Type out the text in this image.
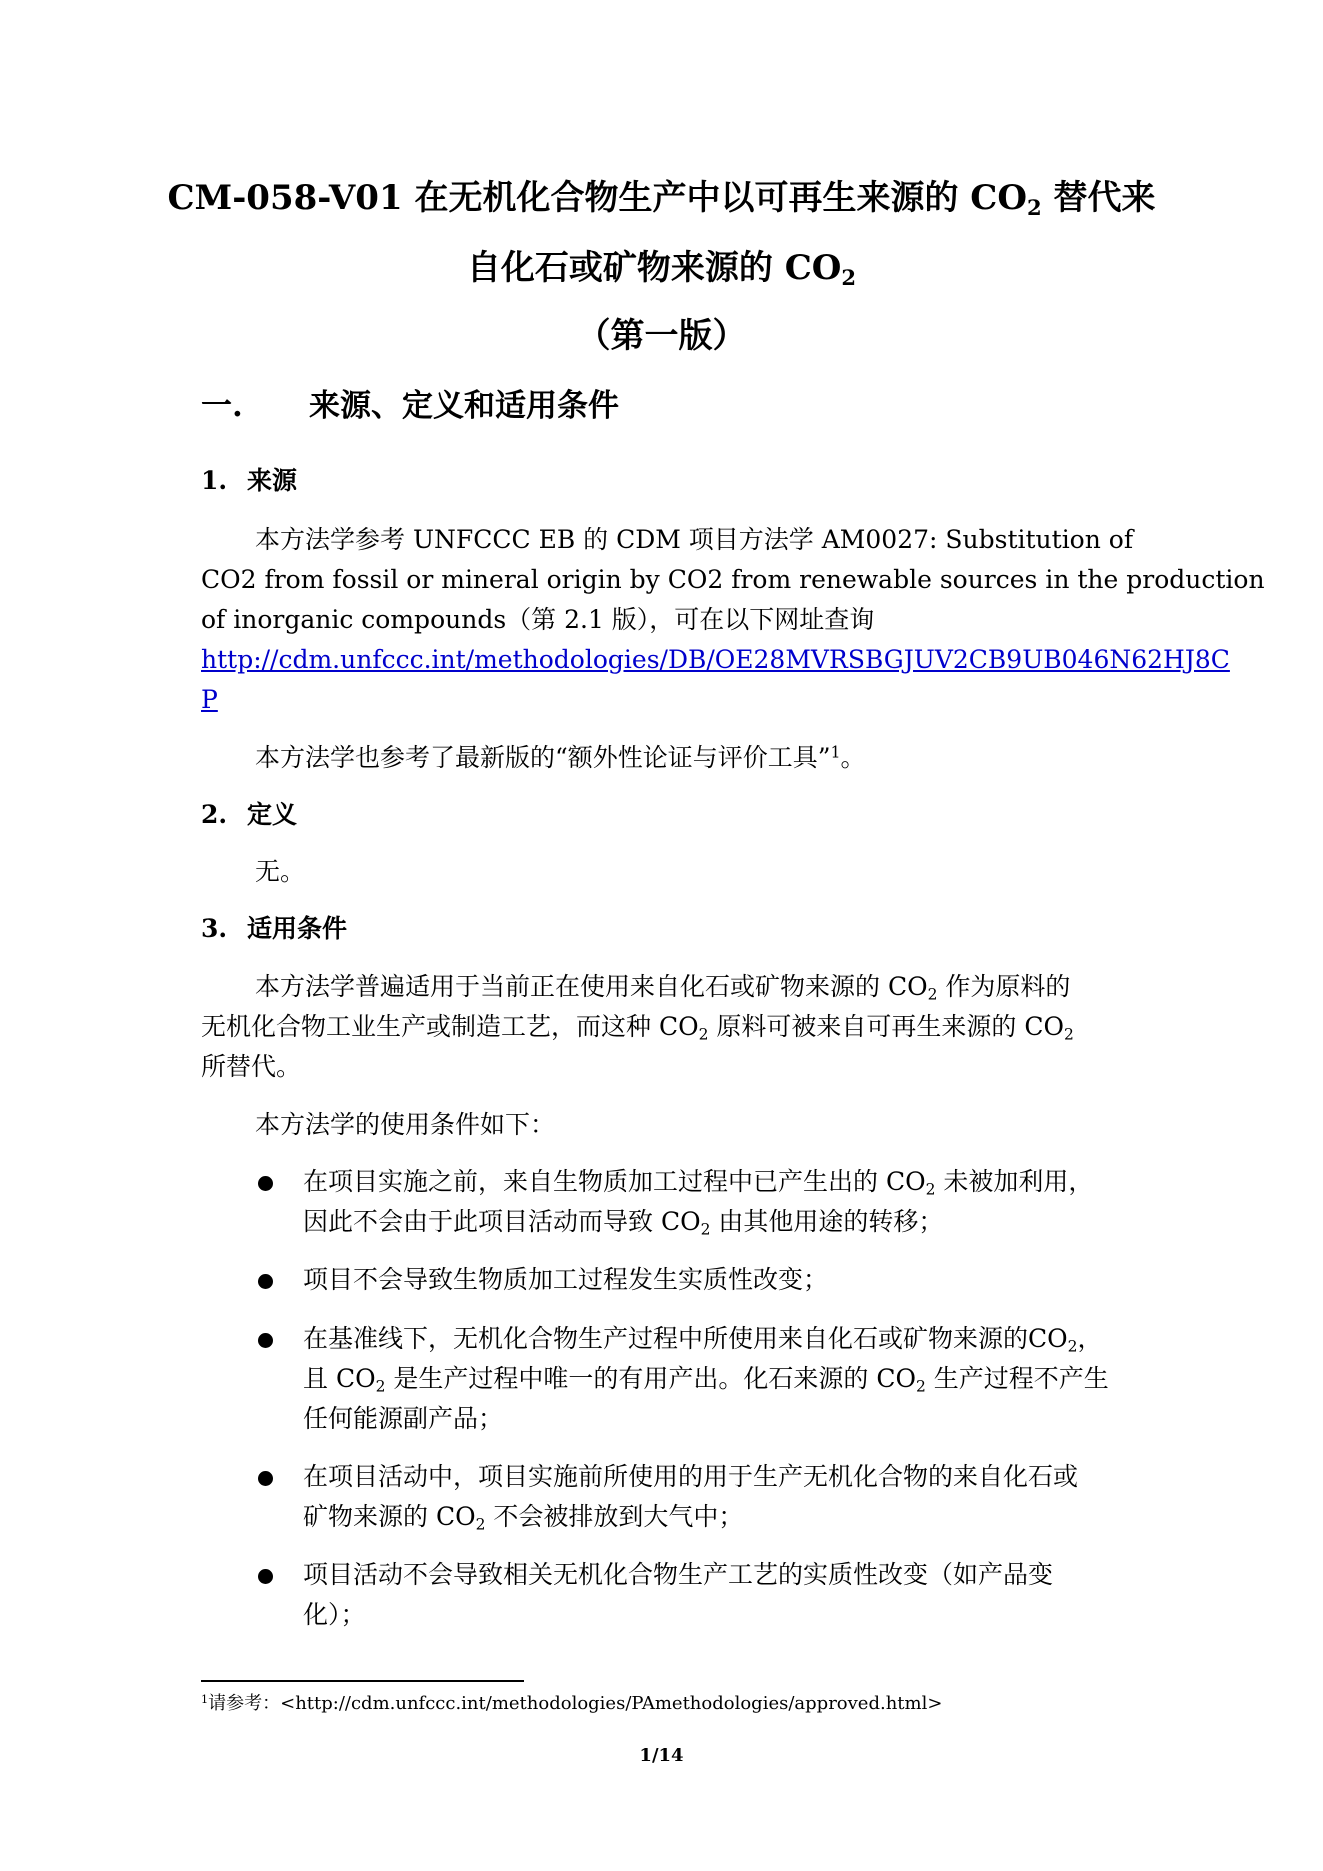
CM-058-V01 在无机化合物生产中以可再生来源的 $CO_2$ 替代来
自化石或矿物来源的 $CO_2$
（第一版）
一. 来源、定义和适用条件
1. 来源
本方法学参考 UNFCCC EB 的 CDM 项目方法学 AM0027: Substitution of
CO2 from fossil or mineral origin by CO2 from renewable sources in the production
of inorganic compounds（第 2.1 版），可在以下网址查询
http://cdm.unfccc.int/methodologies/DB/OE28MVRSBGJUV2CB9UB046N62HJ8C
P
本方法学也参考了最新版的“额外性论证与评价工具”$^1$。
2. 定义
无。
3. 适用条件
本方法学普遍适用于当前正在使用来自化石或矿物来源的 $CO_2$ 作为原料的
无机化合物工业生产或制造工艺，而这种 $CO_2$ 原料可被来自可再生来源的 $CO_2$
所替代。
本方法学的使用条件如下：
在项目实施之前，来自生物质加工过程中已产生出的 $CO_2$ 未被加利用，
因此不会由于此项目活动而导致 $CO_2$ 由其他用途的转移；
项目不会导致生物质加工过程发生实质性改变；
在基准线下，无机化合物生产过程中所使用来自化石或矿物来源的$CO_2$，
且 $CO_2$ 是生产过程中唯一的有用产出。化石来源的 $CO_2$ 生产过程不产生
任何能源副产品；
在项目活动中，项目实施前所使用的用于生产无机化合物的来自化石或
矿物来源的 $CO_2$ 不会被排放到大气中；
项目活动不会导致相关无机化合物生产工艺的实质性改变（如产品变
化）；
$^1$请参考：<http://cdm.unfccc.int/methodologies/PAmethodologies/approved.html>
1/14
